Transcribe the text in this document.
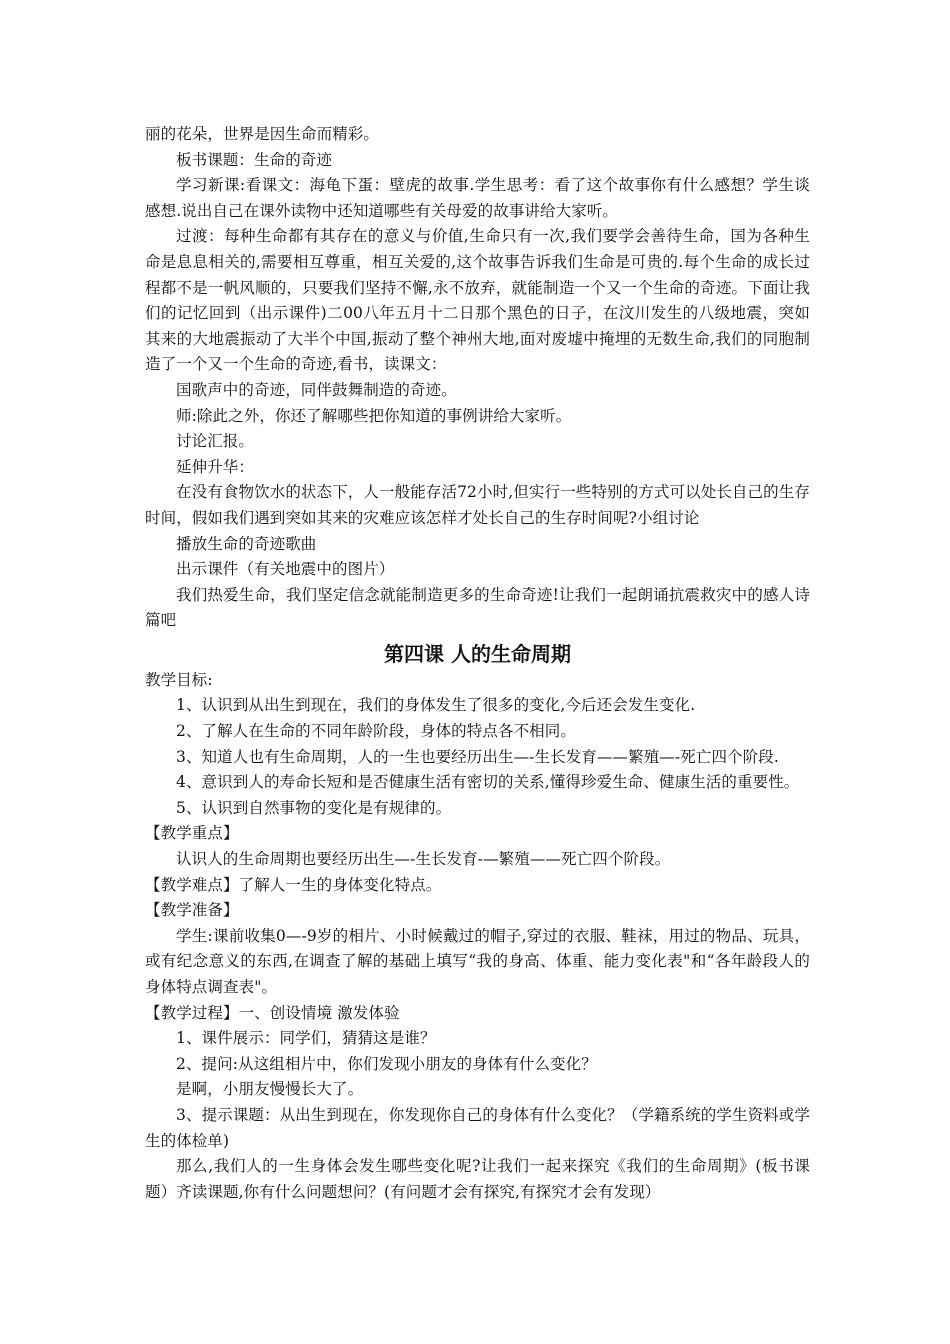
丽的花朵，世界是因生命而精彩。

板书课题：生命的奇迹

学习新课:看课文：海龟下蛋：壁虎的故事.学生思考：看了这个故事你有什么感想？学生谈感想.说出自己在课外读物中还知道哪些有关母爱的故事讲给大家听。

过渡：每种生命都有其存在的意义与价值,生命只有一次,我们要学会善待生命，国为各种生命是息息相关的,需要相互尊重，相互关爱的,这个故事告诉我们生命是可贵的.每个生命的成长过程都不是一帆风顺的，只要我们坚持不懈,永不放弃，就能制造一个又一个生命的奇迹。下面让我们的记忆回到（出示课件)二00八年五月十二日那个黑色的日子，在汶川发生的八级地震，突如其来的大地震振动了大半个中国,振动了整个神州大地,面对废墟中掩埋的无数生命,我们的同胞制造了一个又一个生命的奇迹,看书，读课文：

国歌声中的奇迹，同伴鼓舞制造的奇迹。

师:除此之外，你还了解哪些把你知道的事例讲给大家听。

讨论汇报。

延伸升华：

在没有食物饮水的状态下，人一般能存活72小时,但实行一些特别的方式可以处长自己的生存时间，假如我们遇到突如其来的灾难应该怎样才处长自己的生存时间呢?小组讨论

播放生命的奇迹歌曲

出示课件（有关地震中的图片）

我们热爱生命，我们坚定信念就能制造更多的生命奇迹!让我们一起朗诵抗震救灾中的感人诗篇吧

第四课 人的生命周期

教学目标:

1、认识到从出生到现在，我们的身体发生了很多的变化,今后还会发生变化.

2、了解人在生命的不同年龄阶段，身体的特点各不相同。

3、知道人也有生命周期，人的一生也要经历出生—-生长发育——繁殖—-死亡四个阶段.

4、意识到人的寿命长短和是否健康生活有密切的关系,懂得珍爱生命、健康生活的重要性。

5、认识到自然事物的变化是有规律的。

【教学重点】

认识人的生命周期也要经历出生—-生长发育-—繁殖——死亡四个阶段。

【教学难点】了解人一生的身体变化特点。

【教学准备】

学生:课前收集0—-9岁的相片、小时候戴过的帽子,穿过的衣服、鞋袜，用过的物品、玩具，或有纪念意义的东西,在调查了解的基础上填写“我的身高、体重、能力变化表"和“各年龄段人的身体特点调查表"。

【教学过程】一、创设情境 激发体验

1、课件展示：同学们，猜猜这是谁？

2、提问:从这组相片中，你们发现小朋友的身体有什么变化？

是啊，小朋友慢慢长大了。

3、提示课题：从出生到现在，你发现你自己的身体有什么变化？（学籍系统的学生资料或学生的体检单)

那么,我们人的一生身体会发生哪些变化呢?让我们一起来探究《我们的生命周期》(板书课题）齐读课题,你有什么问题想问？(有问题才会有探究,有探究才会有发现）
